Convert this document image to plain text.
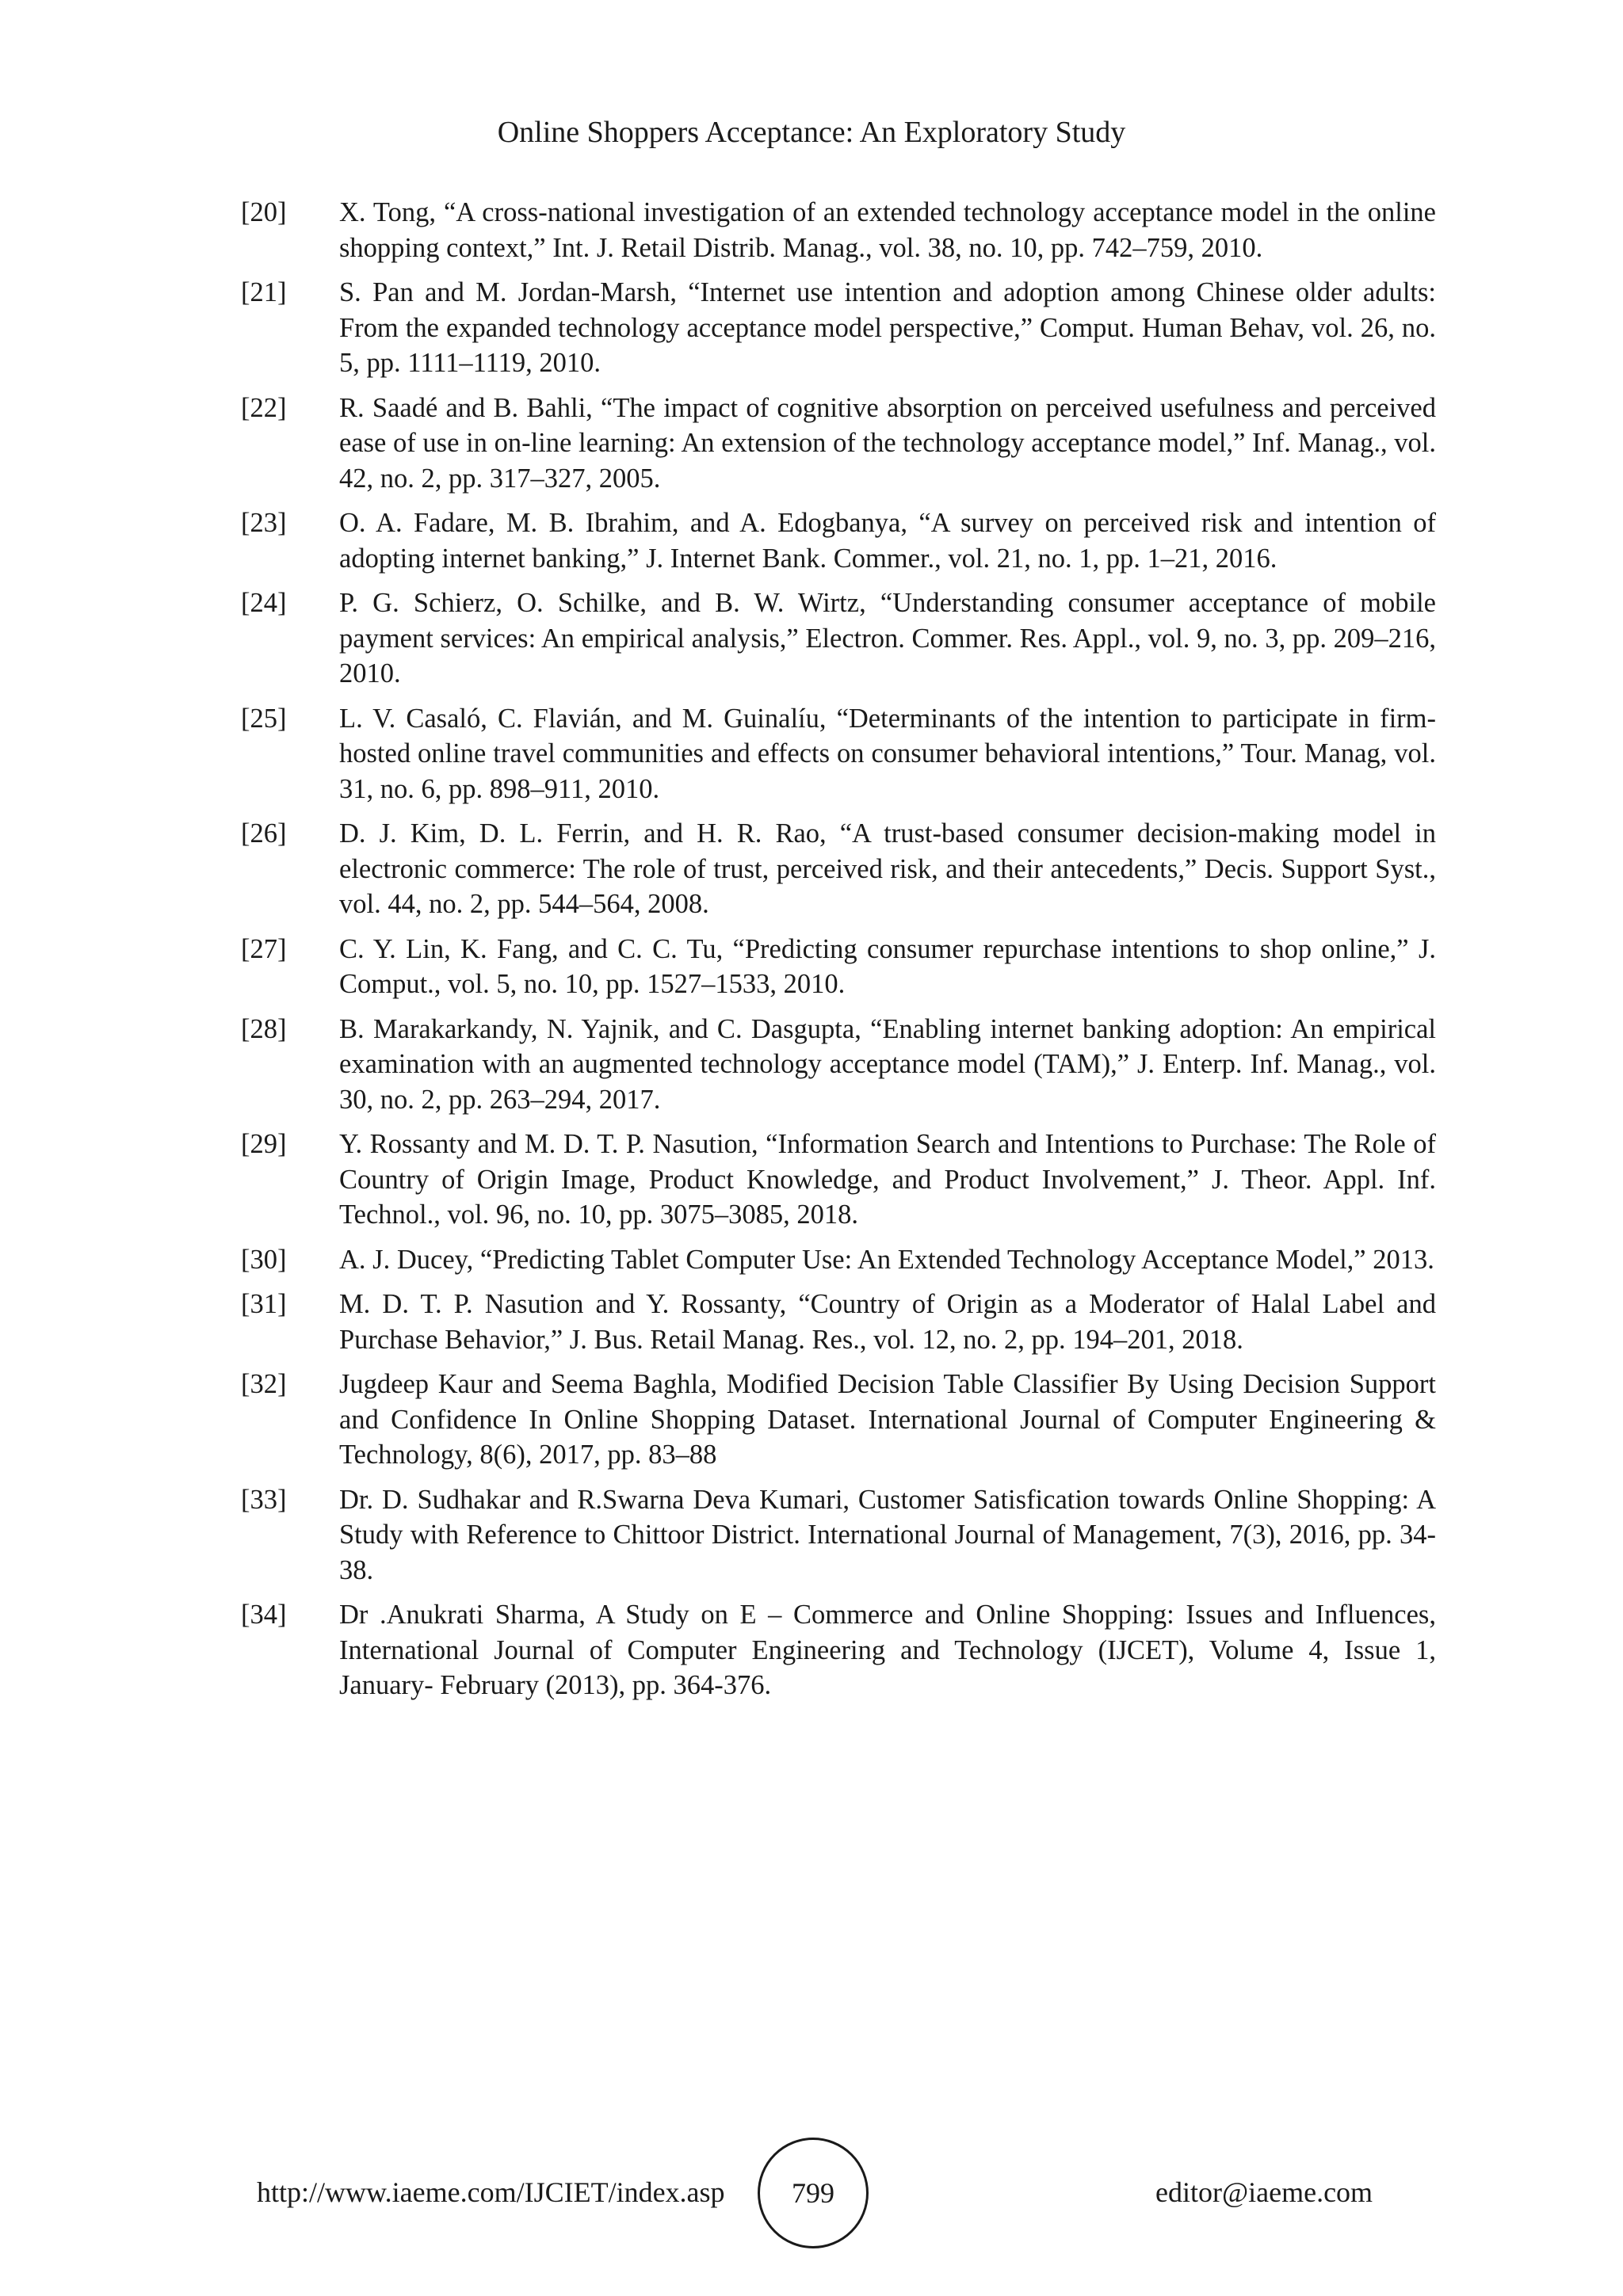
Online Shoppers Acceptance: An Exploratory Study
[20]	X. Tong, “A cross-national investigation of an extended technology acceptance model in the online shopping context,” Int. J. Retail Distrib. Manag., vol. 38, no. 10, pp. 742–759, 2010.
[21]	S. Pan and M. Jordan-Marsh, “Internet use intention and adoption among Chinese older adults: From the expanded technology acceptance model perspective,” Comput. Human Behav, vol. 26, no. 5, pp. 1111–1119, 2010.
[22]	R. Saadé and B. Bahli, “The impact of cognitive absorption on perceived usefulness and perceived ease of use in on-line learning: An extension of the technology acceptance model,” Inf. Manag., vol. 42, no. 2, pp. 317–327, 2005.
[23]	O. A. Fadare, M. B. Ibrahim, and A. Edogbanya, “A survey on perceived risk and intention of adopting internet banking,” J. Internet Bank. Commer., vol. 21, no. 1, pp. 1–21, 2016.
[24]	P. G. Schierz, O. Schilke, and B. W. Wirtz, “Understanding consumer acceptance of mobile payment services: An empirical analysis,” Electron. Commer. Res. Appl., vol. 9, no. 3, pp. 209–216, 2010.
[25]	L. V. Casaló, C. Flavián, and M. Guinalíu, “Determinants of the intention to participate in firm-hosted online travel communities and effects on consumer behavioral intentions,” Tour. Manag, vol. 31, no. 6, pp. 898–911, 2010.
[26]	D. J. Kim, D. L. Ferrin, and H. R. Rao, “A trust-based consumer decision-making model in electronic commerce: The role of trust, perceived risk, and their antecedents,” Decis. Support Syst., vol. 44, no. 2, pp. 544–564, 2008.
[27]	C. Y. Lin, K. Fang, and C. C. Tu, “Predicting consumer repurchase intentions to shop online,” J. Comput., vol. 5, no. 10, pp. 1527–1533, 2010.
[28]	B. Marakarkandy, N. Yajnik, and C. Dasgupta, “Enabling internet banking adoption: An empirical examination with an augmented technology acceptance model (TAM),” J. Enterp. Inf. Manag., vol. 30, no. 2, pp. 263–294, 2017.
[29]	Y. Rossanty and M. D. T. P. Nasution, “Information Search and Intentions to Purchase: The Role of Country of Origin Image, Product Knowledge, and Product Involvement,” J. Theor. Appl. Inf. Technol., vol. 96, no. 10, pp. 3075–3085, 2018.
[30]	A. J. Ducey, “Predicting Tablet Computer Use: An Extended Technology Acceptance Model,” 2013.
[31]	M. D. T. P. Nasution and Y. Rossanty, “Country of Origin as a Moderator of Halal Label and Purchase Behavior,” J. Bus. Retail Manag. Res., vol. 12, no. 2, pp. 194–201, 2018.
[32]	Jugdeep Kaur and Seema Baghla, Modified Decision Table Classifier By Using Decision Support and Confidence In Online Shopping Dataset. International Journal of Computer Engineering & Technology, 8(6), 2017, pp. 83–88
[33]	Dr. D. Sudhakar and R.Swarna Deva Kumari, Customer Satisfication towards Online Shopping: A Study with Reference to Chittoor District. International Journal of Management, 7(3), 2016, pp. 34-38.
[34]	Dr .Anukrati Sharma, A Study on E – Commerce and Online Shopping: Issues and Influences, International Journal of Computer Engineering and Technology (IJCET), Volume 4, Issue 1, January- February (2013), pp. 364-376.
http://www.iaeme.com/IJCIET/index.asp 799	editor@iaeme.com
